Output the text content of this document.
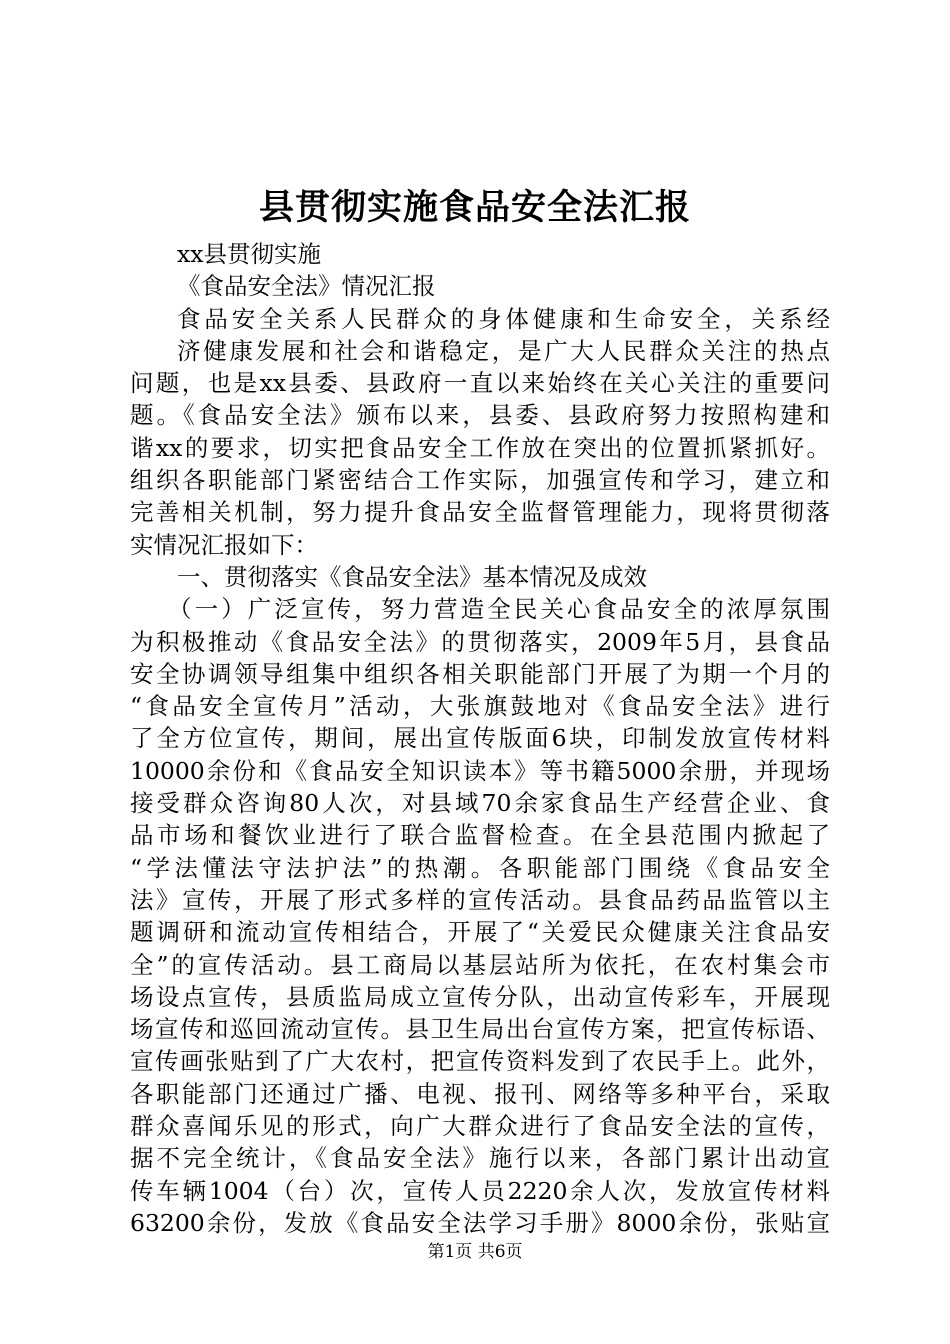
县贯彻实施食品安全法汇报
xx县贯彻实施
《食品安全法》情况汇报
食品安全关系人民群众的身体健康和生命安全，关系经
济健康发展和社会和谐稳定，是广大人民群众关注的热点
问题，也是xx县委、县政府一直以来始终在关心关注的重要问
题。《食品安全法》颁布以来，县委、县政府努力按照构建和
谐xx的要求，切实把食品安全工作放在突出的位置抓紧抓好。
组织各职能部门紧密结合工作实际，加强宣传和学习，建立和
完善相关机制，努力提升食品安全监督管理能力，现将贯彻落
实情况汇报如下：
一、贯彻落实《食品安全法》基本情况及成效
（一）广泛宣传，努力营造全民关心食品安全的浓厚氛围
为积极推动《食品安全法》的贯彻落实，2009年5月，县食品
安全协调领导组集中组织各相关职能部门开展了为期一个月的
“食品安全宣传月”活动，大张旗鼓地对《食品安全法》进行
了全方位宣传，期间，展出宣传版面6块，印制发放宣传材料
10000余份和《食品安全知识读本》等书籍5000余册，并现场
接受群众咨询80人次，对县域70余家食品生产经营企业、食
品市场和餐饮业进行了联合监督检查。在全县范围内掀起了
“学法懂法守法护法”的热潮。各职能部门围绕《食品安全
法》宣传，开展了形式多样的宣传活动。县食品药品监管以主
题调研和流动宣传相结合，开展了“关爱民众健康关注食品安
全”的宣传活动。县工商局以基层站所为依托，在农村集会市
场设点宣传，县质监局成立宣传分队，出动宣传彩车，开展现
场宣传和巡回流动宣传。县卫生局出台宣传方案，把宣传标语、
宣传画张贴到了广大农村，把宣传资料发到了农民手上。此外，
各职能部门还通过广播、电视、报刊、网络等多种平台，采取
群众喜闻乐见的形式，向广大群众进行了食品安全法的宣传，
据不完全统计，《食品安全法》施行以来，各部门累计出动宣
传车辆1004（台）次，宣传人员2220余人次，发放宣传材料
63200余份，发放《食品安全法学习手册》8000余份，张贴宣
第1页 共6页
